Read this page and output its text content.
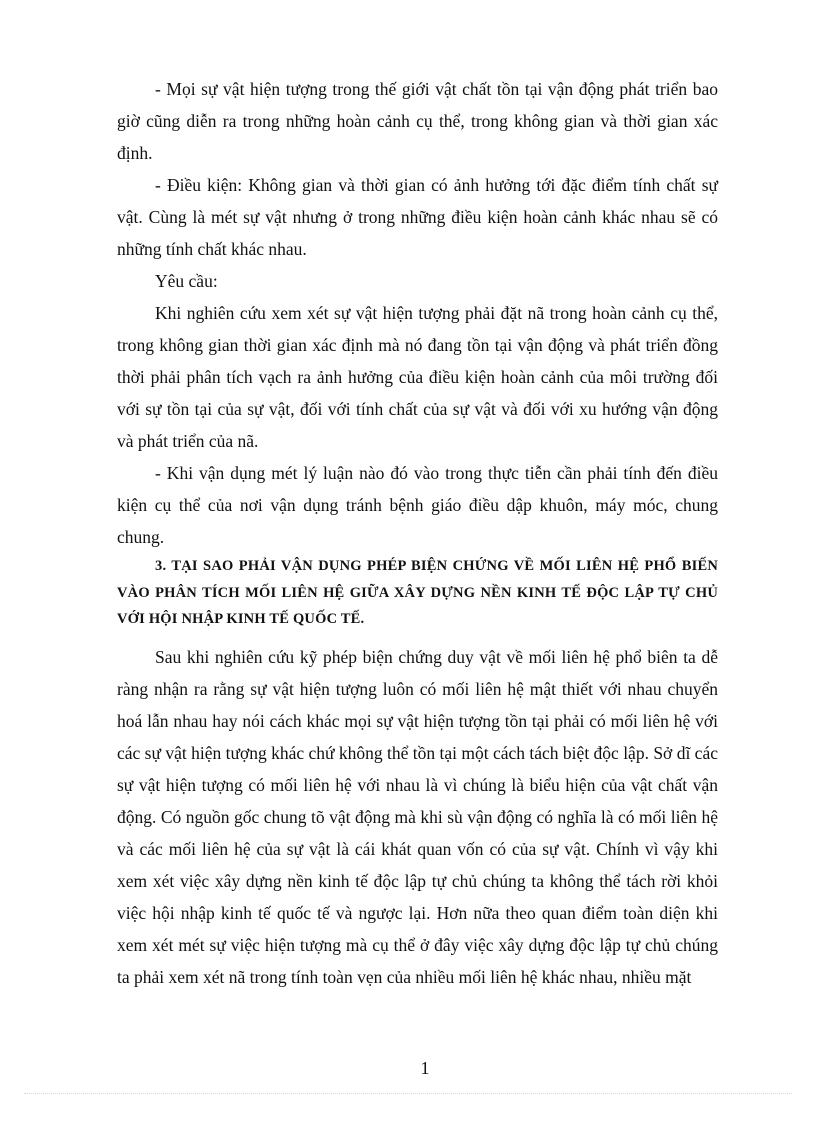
- Mọi sự vật hiện tượng trong thế giới vật chất tồn tại vận động phát triển bao giờ cũng diễn ra trong những hoàn cảnh cụ thể, trong không gian và thời gian xác định.

- Điều kiện: Không gian và thời gian có ảnh hưởng tới đặc điểm tính chất sự vật. Cùng là mét sự vật nhưng ở trong những điều kiện hoàn cảnh khác nhau sẽ có những tính chất khác nhau.

Yêu cầu:

Khi nghiên cứu xem xét sự vật hiện tượng phải đặt nã trong hoàn cảnh cụ thể, trong không gian thời gian xác định mà nó đang tồn tại vận động và phát triển đồng thời phải phân tích vạch ra ảnh hưởng của điều kiện hoàn cảnh của môi trường đối với sự tồn tại của sự vật, đối với tính chất của sự vật và đối với xu hướng vận động và phát triển của nã.

- Khi vận dụng mét lý luận nào đó vào trong thực tiễn cần phải tính đến điều kiện cụ thể của nơi vận dụng tránh bệnh giáo điều dập khuôn, máy móc, chung chung.

3. TẠI SAO PHẢI VẬN DỤNG PHÉP BIỆN CHỨNG VỀ MỐI LIÊN HỆ PHỔ BIẾN VÀO PHÂN TÍCH MỐI LIÊN HỆ GIỮA XÂY DỰNG NỀN KINH TẾ ĐỘC LẬP TỰ CHỦ VỚI HỘI NHẬP KINH TẾ QUỐC TẾ.

Sau khi nghiên cứu kỹ phép biện chứng duy vật về mối liên hệ phổ biên ta dễ ràng nhận ra rằng sự vật hiện tượng luôn có mối liên hệ mật thiết với nhau chuyển hoá lẫn nhau hay nói cách khác mọi sự vật hiện tượng tồn tại phải có mối liên hệ với các sự vật hiện tượng khác chứ không thể tồn tại một cách tách biệt độc lập. Sở dĩ các sự vật hiện tượng có mối liên hệ với nhau là vì chúng là biểu hiện của vật chất vận động. Có nguồn gốc chung tõ vật động mà khi sù vận động có nghĩa là có mối liên hệ và các mối liên hệ của sự vật là cái khát quan vốn có của sự vật. Chính vì vậy khi xem xét việc xây dựng nền kinh tế độc lập tự chủ chúng ta không thể tách rời khỏi việc hội nhập kinh tế quốc tế và ngược lại. Hơn nữa theo quan điểm toàn diện khi xem xét mét sự việc hiện tượng mà cụ thể ở đây việc xây dựng độc lập tự chủ chúng ta phải xem xét nã trong tính toàn vẹn của nhiều mối liên hệ khác nhau, nhiều mặt

1
